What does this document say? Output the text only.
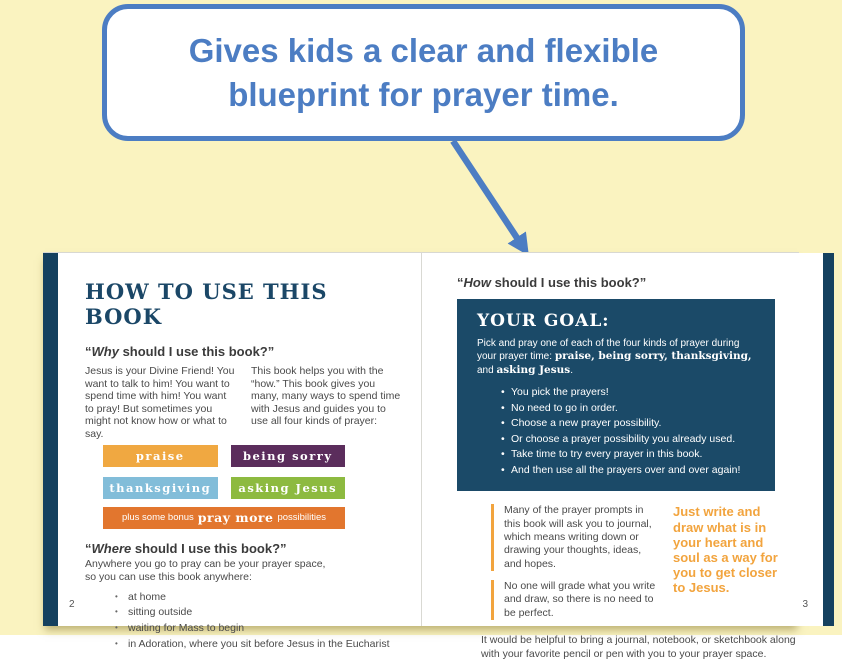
Gives kids a clear and flexible
blueprint for prayer time.
HOW TO USE THIS BOOK
“Why should I use this book?”
Jesus is your Divine Friend! You want to talk to him! You want to spend time with him! You want to pray! But sometimes you might not know how or what to say.
This book helps you with the “how.” This book gives you many, many ways to spend time with Jesus and guides you to use all four kinds of prayer:
praise	being sorry
thanksgiving	asking Jesus
plus some bonus pray more possibilities
“Where should I use this book?”
Anywhere you go to pray can be your prayer space,
so you can use this book anywhere:
• at home
• sitting outside
• waiting for Mass to begin
• in Adoration, where you sit before Jesus in the Eucharist
2
“How should I use this book?”
YOUR GOAL:
Pick and pray one of each of the four kinds of prayer during your prayer time: praise, being sorry, thanksgiving, and asking Jesus.
• You pick the prayers!
• No need to go in order.
• Choose a new prayer possibility.
• Or choose a prayer possibility you already used.
• Take time to try every prayer in this book.
• And then use all the prayers over and over again!
Many of the prayer prompts in this book will ask you to journal, which means writing down or drawing your thoughts, ideas, and hopes.
No one will grade what you write and draw, so there is no need to be perfect.
Just write and draw what is in your heart and soul as a way for you to get closer to Jesus.
It would be helpful to bring a journal, notebook, or sketchbook along with your favorite pencil or pen with you to your prayer space.
3
